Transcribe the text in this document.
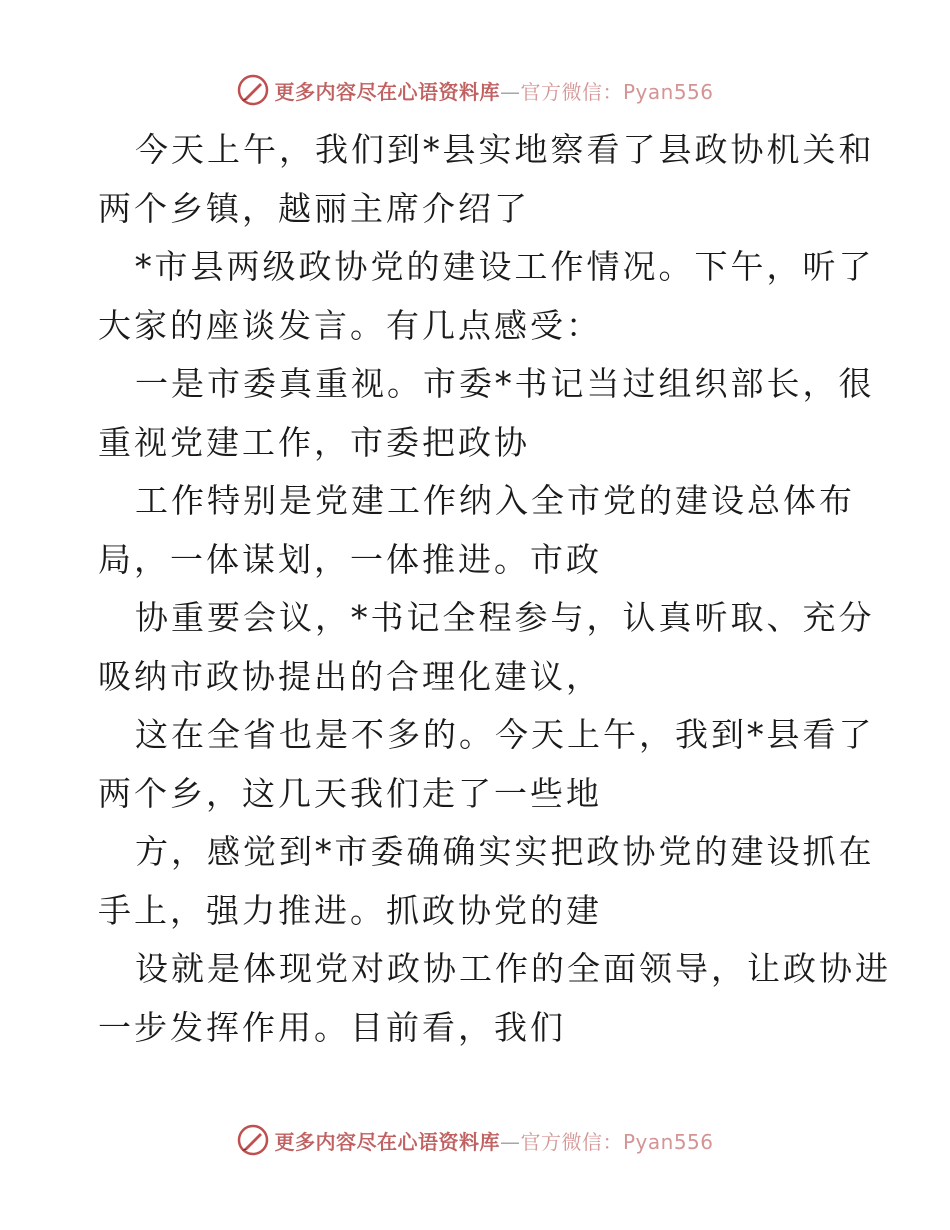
更多内容尽在心语资料库—官方微信：Pyan556

今天上午，我们到*县实地察看了县政协机关和
两个乡镇，越丽主席介绍了

*市县两级政协党的建设工作情况。下午，听了
大家的座谈发言。有几点感受：

一是市委真重视。市委*书记当过组织部长，很
重视党建工作，市委把政协

工作特别是党建工作纳入全市党的建设总体布
局，一体谋划，一体推进。市政

协重要会议，*书记全程参与，认真听取、充分
吸纳市政协提出的合理化建议，

这在全省也是不多的。今天上午，我到*县看了
两个乡，这几天我们走了一些地

方，感觉到*市委确确实实把政协党的建设抓在
手上，强力推进。抓政协党的建

设就是体现党对政协工作的全面领导，让政协进
一步发挥作用。目前看，我们

更多内容尽在心语资料库—官方微信：Pyan556
